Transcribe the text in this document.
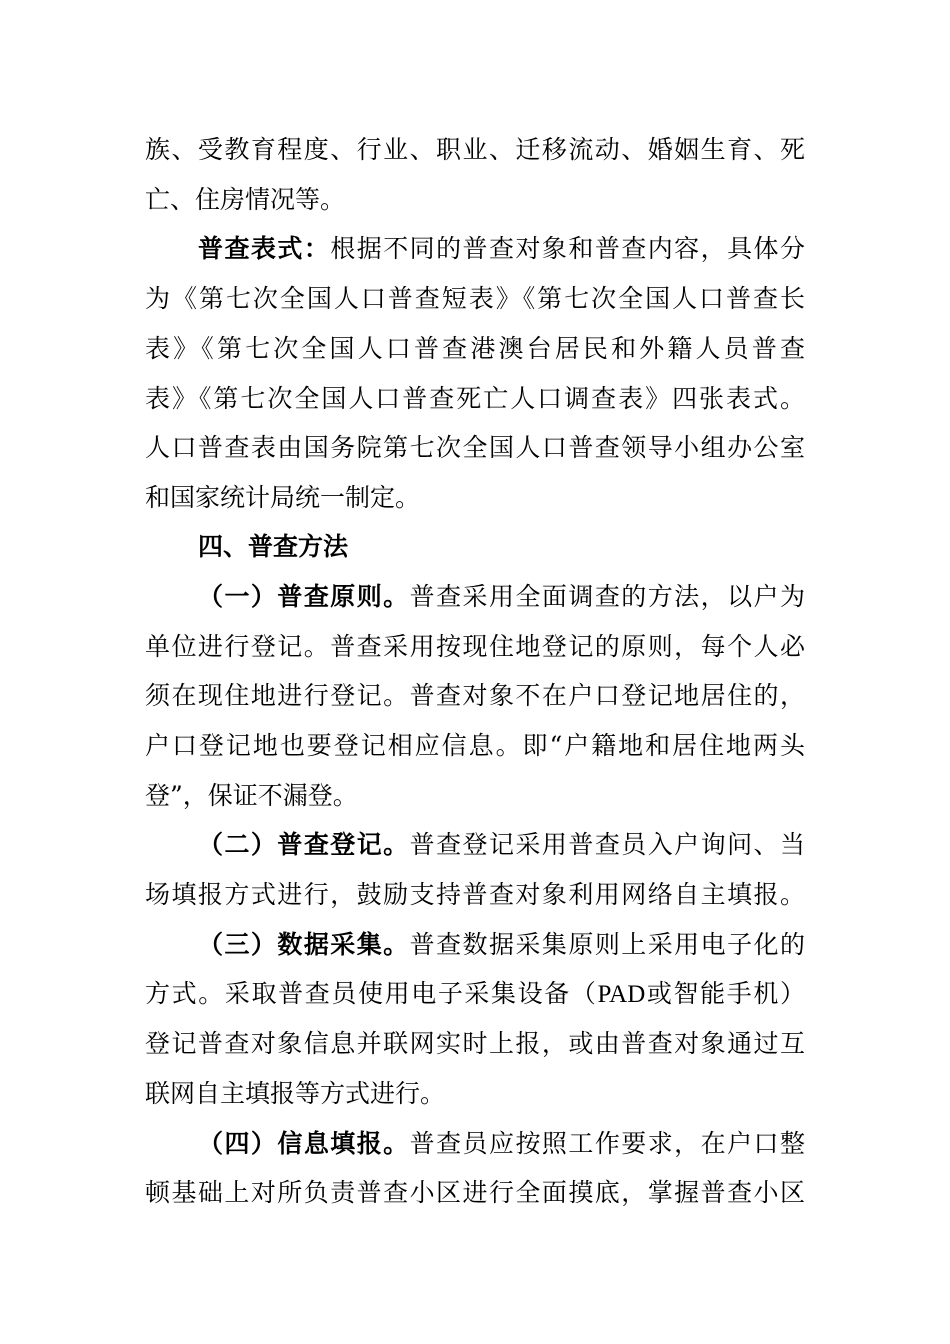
族、受教育程度、行业、职业、迁移流动、婚姻生育、死
亡、住房情况等。
普查表式：根据不同的普查对象和普查内容，具体分
为《第七次全国人口普查短表》《第七次全国人口普查长
表》《第七次全国人口普查港澳台居民和外籍人员普查
表》《第七次全国人口普查死亡人口调查表》四张表式。
人口普查表由国务院第七次全国人口普查领导小组办公室
和国家统计局统一制定。
四、普查方法
（一）普查原则。普查采用全面调查的方法，以户为
单位进行登记。普查采用按现住地登记的原则，每个人必
须在现住地进行登记。普查对象不在户口登记地居住的，
户口登记地也要登记相应信息。即“户籍地和居住地两头
登”，保证不漏登。
（二）普查登记。普查登记采用普查员入户询问、当
场填报方式进行，鼓励支持普查对象利用网络自主填报。
（三）数据采集。普查数据采集原则上采用电子化的
方式。采取普查员使用电子采集设备（PAD或智能手机）
登记普查对象信息并联网实时上报，或由普查对象通过互
联网自主填报等方式进行。
（四）信息填报。普查员应按照工作要求，在户口整
顿基础上对所负责普查小区进行全面摸底，掌握普查小区
